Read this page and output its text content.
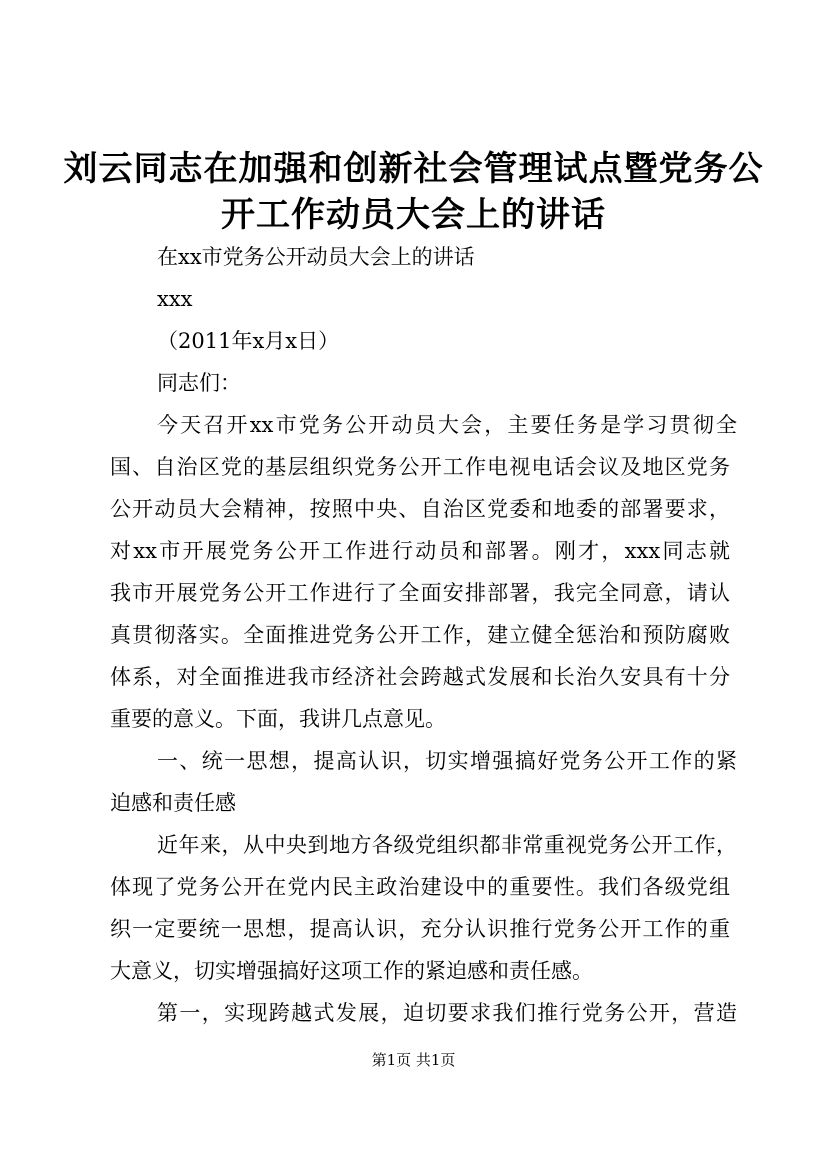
刘云同志在加强和创新社会管理试点暨党务公
开工作动员大会上的讲话
在xx市党务公开动员大会上的讲话
xxx
（2011年x月x日）
同志们：
今天召开xx市党务公开动员大会，主要任务是学习贯彻全
国、自治区党的基层组织党务公开工作电视电话会议及地区党务
公开动员大会精神，按照中央、自治区党委和地委的部署要求，
对xx市开展党务公开工作进行动员和部署。刚才，xxx同志就
我市开展党务公开工作进行了全面安排部署，我完全同意，请认
真贯彻落实。全面推进党务公开工作，建立健全惩治和预防腐败
体系，对全面推进我市经济社会跨越式发展和长治久安具有十分
重要的意义。下面，我讲几点意见。
一、统一思想，提高认识，切实增强搞好党务公开工作的紧
迫感和责任感
近年来，从中央到地方各级党组织都非常重视党务公开工作，
体现了党务公开在党内民主政治建设中的重要性。我们各级党组
织一定要统一思想，提高认识，充分认识推行党务公开工作的重
大意义，切实增强搞好这项工作的紧迫感和责任感。
第一，实现跨越式发展，迫切要求我们推行党务公开，营造
第1页 共1页
